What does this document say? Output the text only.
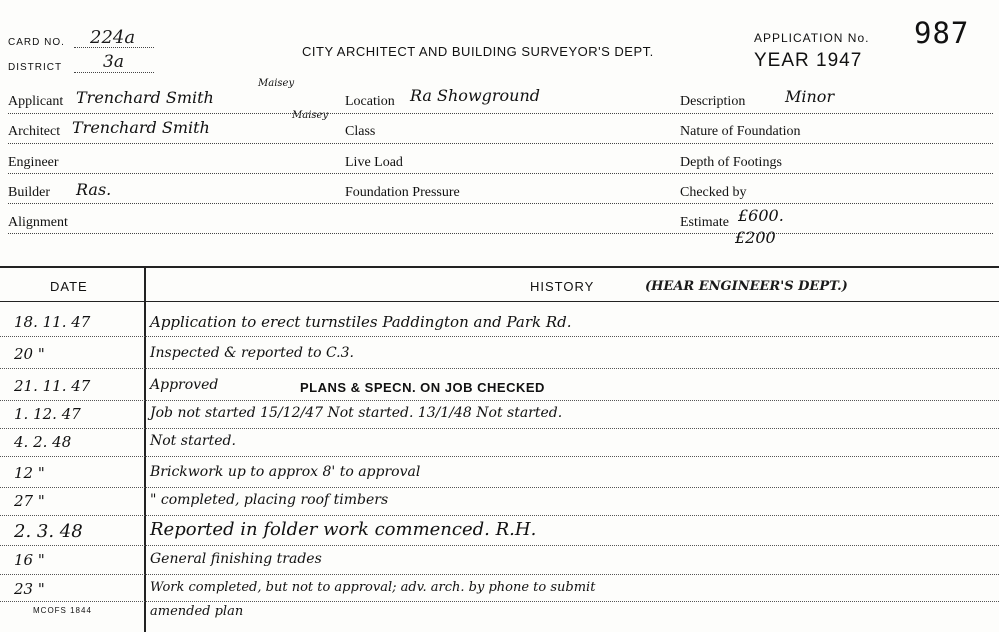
CARD NO. 224a
DISTRICT 3a
CITY ARCHITECT AND BUILDING SURVEYOR'S DEPT.
APPLICATION No. 987
YEAR 1947
Applicant Trenchard Smith
Maisey
Architect Trenchard Smith
Maisey
Engineer
Builder Ras.
Alignment
Location Ra Showground
Class
Live Load
Foundation Pressure
Description Minor
Nature of Foundation
Depth of Footings
Checked by
Estimate £600.
£200
DATE	HISTORY	(HEAR ENGINEER'S DEPT.)
18. 11. 47	Application to erect turnstiles Paddington and Park Rd.
20 "	Inspected & reported to C.3.
21. 11. 47	Approved	PLANS & SPECN. ON JOB CHECKED
1. 12. 47	Job not started 15/12/47 Not started. 13/1/48 Not started.
4. 2. 48	Not started.
12 "	Brickwork up to approx 8' to approval
27 "	" completed, placing roof timbers
2. 3. 48	Reported in folder work commenced. R.H.
16 "	General finishing trades
23 "	Work completed, but not to approval; adv. arch. by phone to submit
amended plan
MCOFS 1844
